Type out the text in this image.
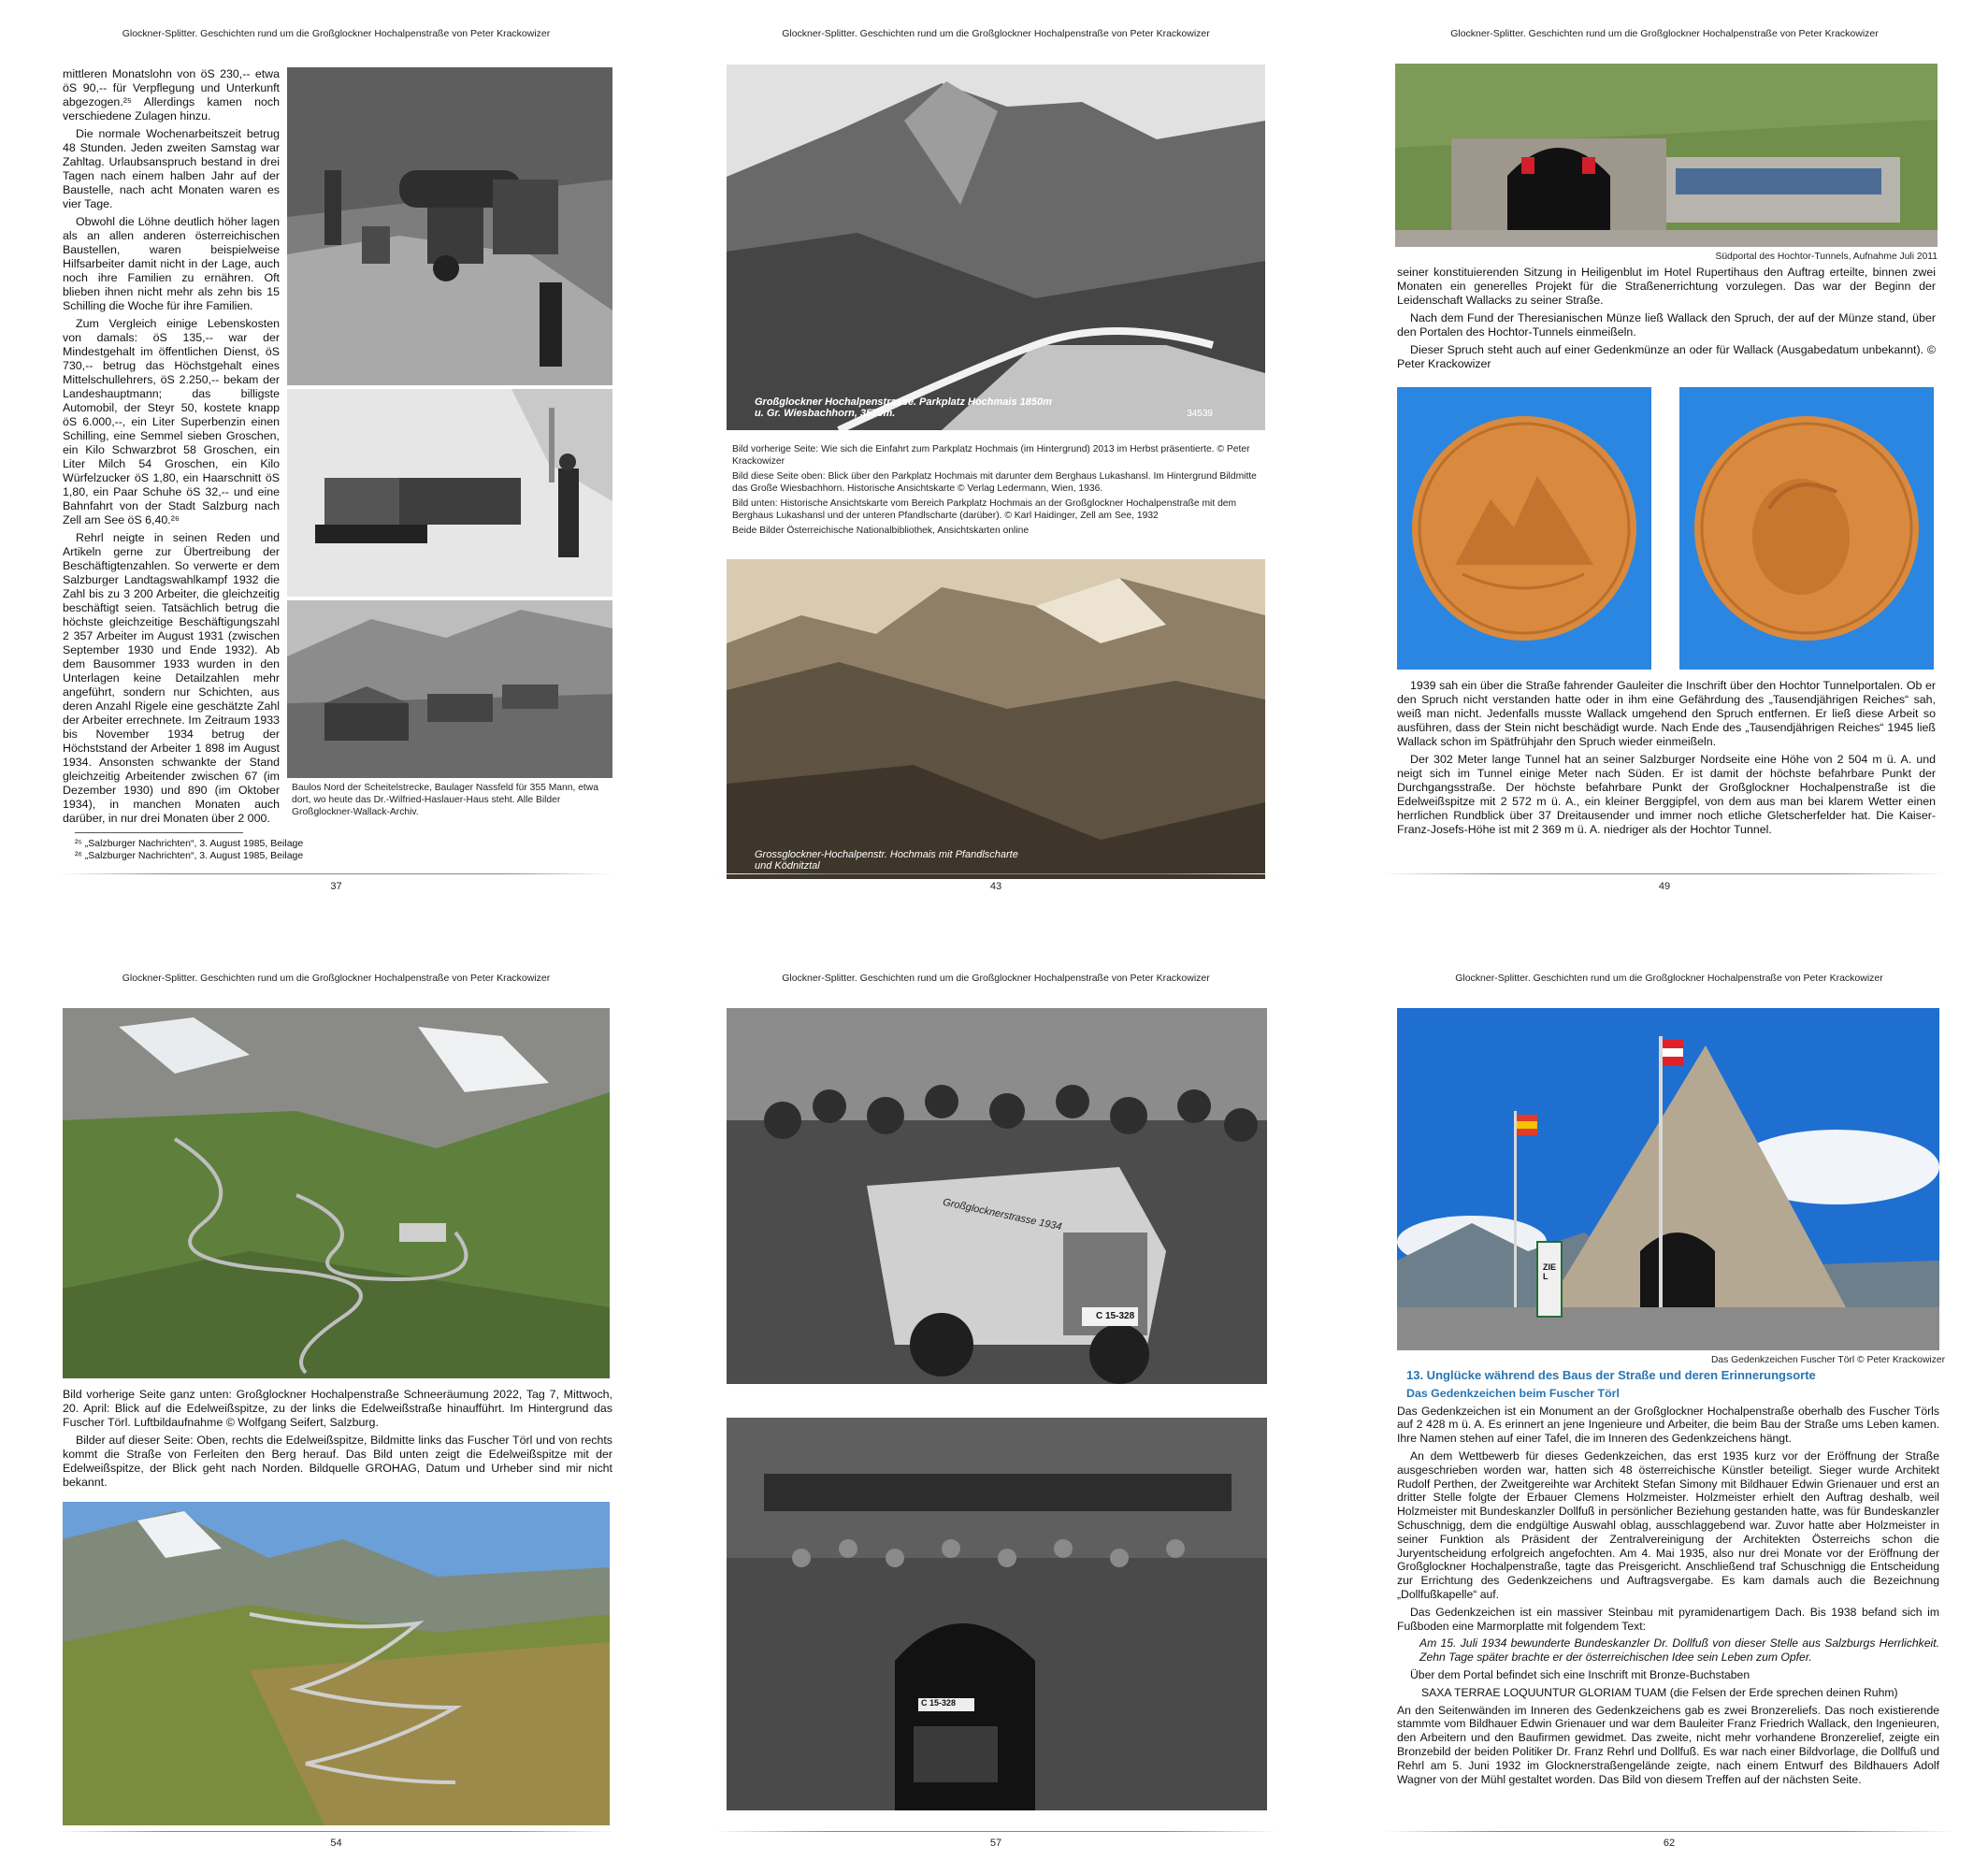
Glockner-Splitter. Geschichten rund um die Großglockner Hochalpenstraße von Peter Krackowizer

mittleren Monatslohn von öS 230,-- etwa öS 90,-- für Verpflegung und Unterkunft abgezogen.²⁵ Allerdings kamen noch verschiedene Zulagen hinzu.

Die normale Wochenarbeitszeit betrug 48 Stunden. Jeden zweiten Samstag war Zahltag. Urlaubsanspruch bestand in drei Tagen nach einem halben Jahr auf der Baustelle, nach acht Monaten waren es vier Tage.

Obwohl die Löhne deutlich höher lagen als an allen anderen österreichischen Baustellen, waren beispielweise Hilfsarbeiter damit nicht in der Lage, auch noch ihre Familien zu ernähren. Oft blieben ihnen nicht mehr als zehn bis 15 Schilling die Woche für ihre Familien.

Zum Vergleich einige Lebenskosten von damals: öS 135,-- war der Mindestgehalt im öffentlichen Dienst, öS 730,-- betrug das Höchstgehalt eines Mittelschullehrers, öS 2.250,-- bekam der Landeshauptmann; das billigste Automobil, der Steyr 50, kostete knapp öS 6.000,--, ein Liter Superbenzin einen Schilling, eine Semmel sieben Groschen, ein Kilo Schwarzbrot 58 Groschen, ein Liter Milch 54 Groschen, ein Kilo Würfelzucker öS 1,80, ein Haarschnitt öS 1,80, ein Paar Schuhe öS 32,-- und eine Bahnfahrt von der Stadt Salzburg nach Zell am See öS 6,40.²⁶

Rehrl neigte in seinen Reden und Artikeln gerne zur Übertreibung der Beschäftigtenzahlen. So verwerte er dem Salzburger Landtagswahlkampf 1932 die Zahl bis zu 3 200 Arbeiter, die gleichzeitig beschäftigt seien. Tatsächlich betrug die höchste gleichzeitige Beschäftigungszahl 2 357 Arbeiter im August 1931 (zwischen September 1930 und Ende 1932). Ab dem Bausommer 1933 wurden in den Unterlagen keine Detailzahlen mehr angeführt, sondern nur Schichten, aus deren Anzahl Rigele eine geschätzte Zahl der Arbeiter errechnete. Im Zeitraum 1933 bis November 1934 betrug der Höchststand der Arbeiter 1 898 im August 1934. Ansonsten schwankte der Stand gleichzeitig Arbeitender zwischen 67 (im Dezember 1930) und 890 (im Oktober 1934), in manchen Monaten auch darüber, in nur drei Monaten über 2 000.

Baulos Nord der Scheitelstrecke, Baulager Nassfeld für 355 Mann, etwa dort, wo heute das Dr.-Wilfried-Haslauer-Haus steht. Alle Bilder Großglockner-Wallack-Archiv.
²⁵ „Salzburger Nachrichten“, 3. August 1985, Beilage
²⁶ „Salzburger Nachrichten“, 3. August 1985, Beilage
37
Glockner-Splitter. Geschichten rund um die Großglockner Hochalpenstraße von Peter Krackowizer
Großglockner Hochalpenstrasse. Parkplatz Hochmais 1850m u. Gr. Wiesbachhorn, 3570m.	34539

Bild vorherige Seite: Wie sich die Einfahrt zum Parkplatz Hochmais (im Hintergrund) 2013 im Herbst präsentierte. © Peter Krackowizer

Bild diese Seite oben: Blick über den Parkplatz Hochmais mit darunter dem Berghaus Lukashansl. Im Hintergrund Bildmitte das Große Wiesbachhorn. Historische Ansichtskarte © Verlag Ledermann, Wien, 1936.

Bild unten: Historische Ansichtskarte vom Bereich Parkplatz Hochmais an der Großglockner Hochalpenstraße mit dem Berghaus Lukashansl und der unteren Pfandlscharte (darüber). © Karl Haidinger, Zell am See, 1932

Beide Bilder Österreichische Nationalbibliothek, Ansichtskarten online

Grossglockner-Hochalpenstr. Hochmais mit Pfandlscharte und Ködnitztal
43
Glockner-Splitter. Geschichten rund um die Großglockner Hochalpenstraße von Peter Krackowizer
Südportal des Hochtor-Tunnels, Aufnahme Juli 2011

seiner konstituierenden Sitzung in Heiligenblut im Hotel Rupertihaus den Auftrag erteilte, binnen zwei Monaten ein generelles Projekt für die Straßenerrichtung vorzulegen. Das war der Beginn der Leidenschaft Wallacks zu seiner Straße.

Nach dem Fund der Theresianischen Münze ließ Wallack den Spruch, der auf der Münze stand, über den Portalen des Hochtor-Tunnels einmeißeln.

Dieser Spruch steht auch auf einer Gedenkmünze an oder für Wallack (Ausgabedatum unbekannt). © Peter Krackowizer

1939 sah ein über die Straße fahrender Gauleiter die Inschrift über den Hochtor Tunnelportalen. Ob er den Spruch nicht verstanden hatte oder in ihm eine Gefährdung des „Tausendjährigen Reiches“ sah, weiß man nicht. Jedenfalls musste Wallack umgehend den Spruch entfernen. Er ließ diese Arbeit so ausführen, dass der Stein nicht beschädigt wurde. Nach Ende des „Tausendjährigen Reiches“ 1945 ließ Wallack schon im Spätfrühjahr den Spruch wieder einmeißeln.

Der 302 Meter lange Tunnel hat an seiner Salzburger Nordseite eine Höhe von 2 504 m ü. A. und neigt sich im Tunnel einige Meter nach Süden. Er ist damit der höchste befahrbare Punkt der Durchgangsstraße. Der höchste befahrbare Punkt der Großglockner Hochalpenstraße ist die Edelweißspitze mit 2 572 m ü. A., ein kleiner Berggipfel, von dem aus man bei klarem Wetter einen herrlichen Rundblick über 37 Dreitausender und immer noch etliche Gletscherfelder hat. Die Kaiser-Franz-Josefs-Höhe ist mit 2 369 m ü. A. niedriger als der Hochtor Tunnel.

49
Glockner-Splitter. Geschichten rund um die Großglockner Hochalpenstraße von Peter Krackowizer

Bild vorherige Seite ganz unten: Großglockner Hochalpenstraße Schneeräumung 2022, Tag 7, Mittwoch, 20. April: Blick auf die Edelweißspitze, zu der links die Edelweißstraße hinaufführt. Im Hintergrund das Fuscher Törl. Luftbildaufnahme © Wolfgang Seifert, Salzburg.

Bilder auf dieser Seite: Oben, rechts die Edelweißspitze, Bildmitte links das Fuscher Törl und von rechts kommt die Straße von Ferleiten den Berg herauf. Das Bild unten zeigt die Edelweißspitze mit der Edelweißspitze, der Blick geht nach Norden. Bildquelle GROHAG, Datum und Urheber sind mir nicht bekannt.

54
Glockner-Splitter. Geschichten rund um die Großglockner Hochalpenstraße von Peter Krackowizer
C 15-328
Großglocknerstrasse 1934
C 15-328
57
Glockner-Splitter. Geschichten rund um die Großglockner Hochalpenstraße von Peter Krackowizer
ZIEL
Das Gedenkzeichen Fuscher Törl © Peter Krackowizer

13. Unglücke während des Baus der Straße und deren Erinnerungsorte

Das Gedenkzeichen beim Fuscher Törl

Das Gedenkzeichen ist ein Monument an der Großglockner Hochalpenstraße oberhalb des Fuscher Törls auf 2 428 m ü. A. Es erinnert an jene Ingenieure und Arbeiter, die beim Bau der Straße ums Leben kamen. Ihre Namen stehen auf einer Tafel, die im Inneren des Gedenkzeichens hängt.

An dem Wettbewerb für dieses Gedenkzeichen, das erst 1935 kurz vor der Eröffnung der Straße ausgeschrieben worden war, hatten sich 48 österreichische Künstler beteiligt. Sieger wurde Architekt Rudolf Perthen, der Zweitgereihte war Architekt Stefan Simony mit Bildhauer Edwin Grienauer und erst an dritter Stelle folgte der Erbauer Clemens Holzmeister. Holzmeister erhielt den Auftrag deshalb, weil Holzmeister mit Bundeskanzler Dollfuß in persönlicher Beziehung gestanden hatte, was für Bundeskanzler Schuschnigg, dem die endgültige Auswahl oblag, ausschlaggebend war. Zuvor hatte aber Holzmeister in seiner Funktion als Präsident der Zentralvereinigung der Architekten Österreichs schon die Juryentscheidung erfolgreich angefochten. Am 4. Mai 1935, also nur drei Monate vor der Eröffnung der Großglockner Hochalpenstraße, tagte das Preisgericht. Anschließend traf Schuschnigg die Entscheidung zur Errichtung des Gedenkzeichens und Auftragsvergabe. Es kam damals auch die Bezeichnung „Dollfußkapelle“ auf.

Das Gedenkzeichen ist ein massiver Steinbau mit pyramidenartigem Dach. Bis 1938 befand sich im Fußboden eine Marmorplatte mit folgendem Text:

Am 15. Juli 1934 bewunderte Bundeskanzler Dr. Dollfuß von dieser Stelle aus Salzburgs Herrlichkeit. Zehn Tage später brachte er der österreichischen Idee sein Leben zum Opfer.

Über dem Portal befindet sich eine Inschrift mit Bronze-Buchstaben

SAXA TERRAE LOQUUNTUR GLORIAM TUAM (die Felsen der Erde sprechen deinen Ruhm)

An den Seitenwänden im Inneren des Gedenkzeichens gab es zwei Bronzereliefs. Das noch existierende stammte vom Bildhauer Edwin Grienauer und war dem Bauleiter Franz Friedrich Wallack, den Ingenieuren, den Arbeitern und den Baufirmen gewidmet. Das zweite, nicht mehr vorhandene Bronzerelief, zeigte ein Bronzebild der beiden Politiker Dr. Franz Rehrl und Dollfuß. Es war nach einer Bildvorlage, die Dollfuß und Rehrl am 5. Juni 1932 im Glocknerstraßengelände zeigte, nach einem Entwurf des Bildhauers Adolf Wagner von der Mühl gestaltet worden. Das Bild von diesem Treffen auf der nächsten Seite.

62
